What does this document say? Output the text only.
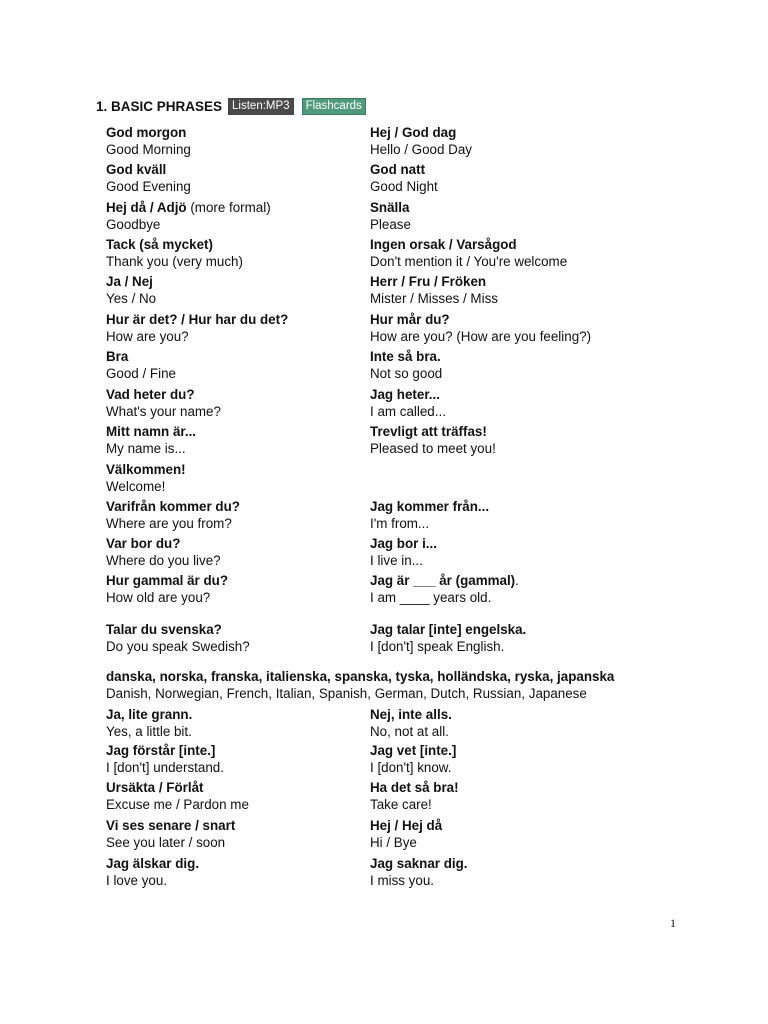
1. BASIC PHRASES Listen:MP3	Flashcards
God morgon
Good Morning
Hej / God dag
Hello / Good Day
God kväll
Good Evening
God natt
Good Night
Hej då / Adjö (more formal)
Goodbye
Snälla
Please
Tack (så mycket)
Thank you (very much)
Ingen orsak / Varsågod
Don't mention it / You're welcome
Ja / Nej
Yes / No
Herr / Fru / Fröken
Mister / Misses / Miss
Hur är det? / Hur har du det?
How are you?
Hur mår du?
How are you? (How are you feeling?)
Bra
Good / Fine
Inte så bra.
Not so good
Vad heter du?
What's your name?
Jag heter...
I am called...
Mitt namn är...
My name is...
Trevligt att träffas!
Pleased to meet you!
Välkommen!
Welcome!
Varifrån kommer du?
Where are you from?
Jag kommer från...
I'm from...
Var bor du?
Where do you live?
Jag bor i...
I live in...
Hur gammal är du?
How old are you?
Jag är ___ år (gammal).
I am ____ years old.
Talar du svenska?
Do you speak Swedish?
Jag talar [inte] engelska.
I [don't] speak English.
danska, norska, franska, italienska, spanska, tyska, holländska, ryska, japanska
Danish, Norwegian, French, Italian, Spanish, German, Dutch, Russian, Japanese
Ja, lite grann.
Yes, a little bit.
Nej, inte alls.
No, not at all.
Jag förstår [inte.]
I [don't] understand.
Jag vet [inte.]
I [don't] know.
Ursäkta / Förlåt
Excuse me / Pardon me
Ha det så bra!
Take care!
Vi ses senare / snart
See you later / soon
Hej / Hej då
Hi / Bye
Jag älskar dig.
I love you.
Jag saknar dig.
I miss you.
1
